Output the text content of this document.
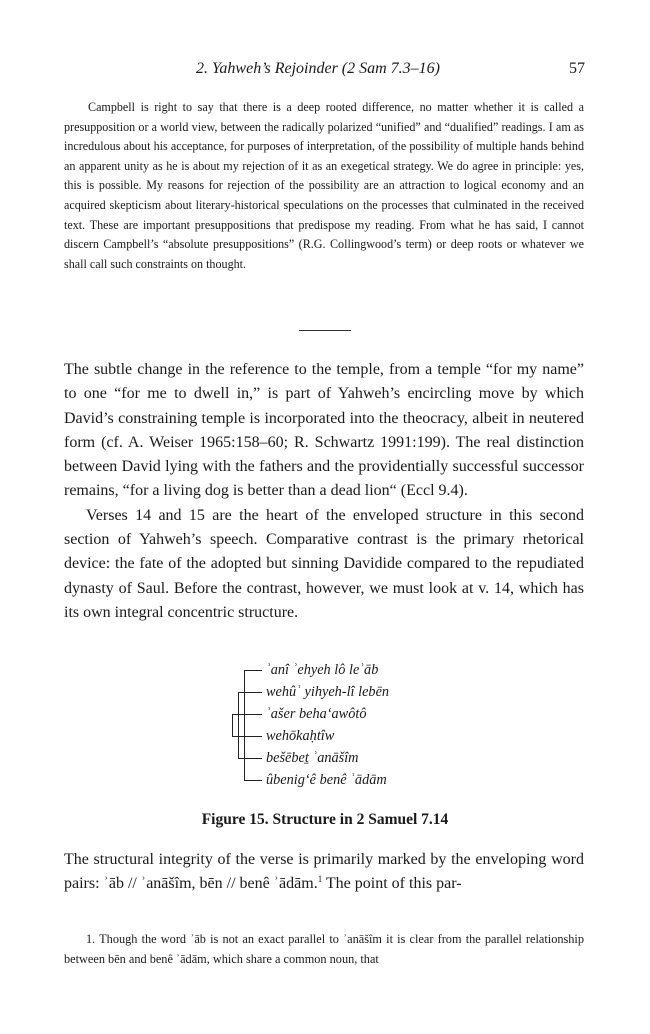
2. Yahweh’s Rejoinder (2 Sam 7.3–16)	57

Campbell is right to say that there is a deep rooted difference, no matter whether it is called a presupposition or a world view, between the radically polarized “unified” and “dualified” readings. I am as incredulous about his acceptance, for purposes of interpretation, of the possibility of multiple hands behind an apparent unity as he is about my rejection of it as an exegetical strategy. We do agree in principle: yes, this is possible. My reasons for rejection of the possibility are an attraction to logical economy and an acquired skepticism about literary-historical speculations on the processes that culminated in the received text. These are important presuppositions that predispose my reading. From what he has said, I cannot discern Campbell’s “absolute presuppositions” (R.G. Collingwood’s term) or deep roots or whatever we shall call such constraints on thought.

The subtle change in the reference to the temple, from a temple “for my name” to one “for me to dwell in,” is part of Yahweh’s encircling move by which David’s constraining temple is incorporated into the theocracy, albeit in neutered form (cf. A. Weiser 1965:158–60; R. Schwartz 1991:199). The real distinction between David lying with the fathers and the providentially successful successor remains, “for a living dog is better than a dead lion“ (Eccl 9.4).

Verses 14 and 15 are the heart of the enveloped structure in this second section of Yahweh’s speech. Comparative contrast is the primary rhetorical device: the fate of the adopted but sinning Davidide compared to the repudiated dynasty of Saul. Before the contrast, however, we must look at v. 14, which has its own integral concentric structure.

ʾanî ʾehyeh lô leʾāb
wehûʾ yihyeh-lî lebēn
ʾašer beha‘awôtô
wehōkaḥtîw
bešēbeṯ ʾanāšîm
ûbenig‘ê benê ʾādām
Figure 15. Structure in 2 Samuel 7.14

The structural integrity of the verse is primarily marked by the enveloping word pairs: ʾāb // ʾanāšîm, bēn // benê ʾādām.$^1$ The point of this par-

1. Though the word ʾāb is not an exact parallel to ʾanāšîm it is clear from the parallel relationship between bēn and benê ʾādām, which share a common noun, that
